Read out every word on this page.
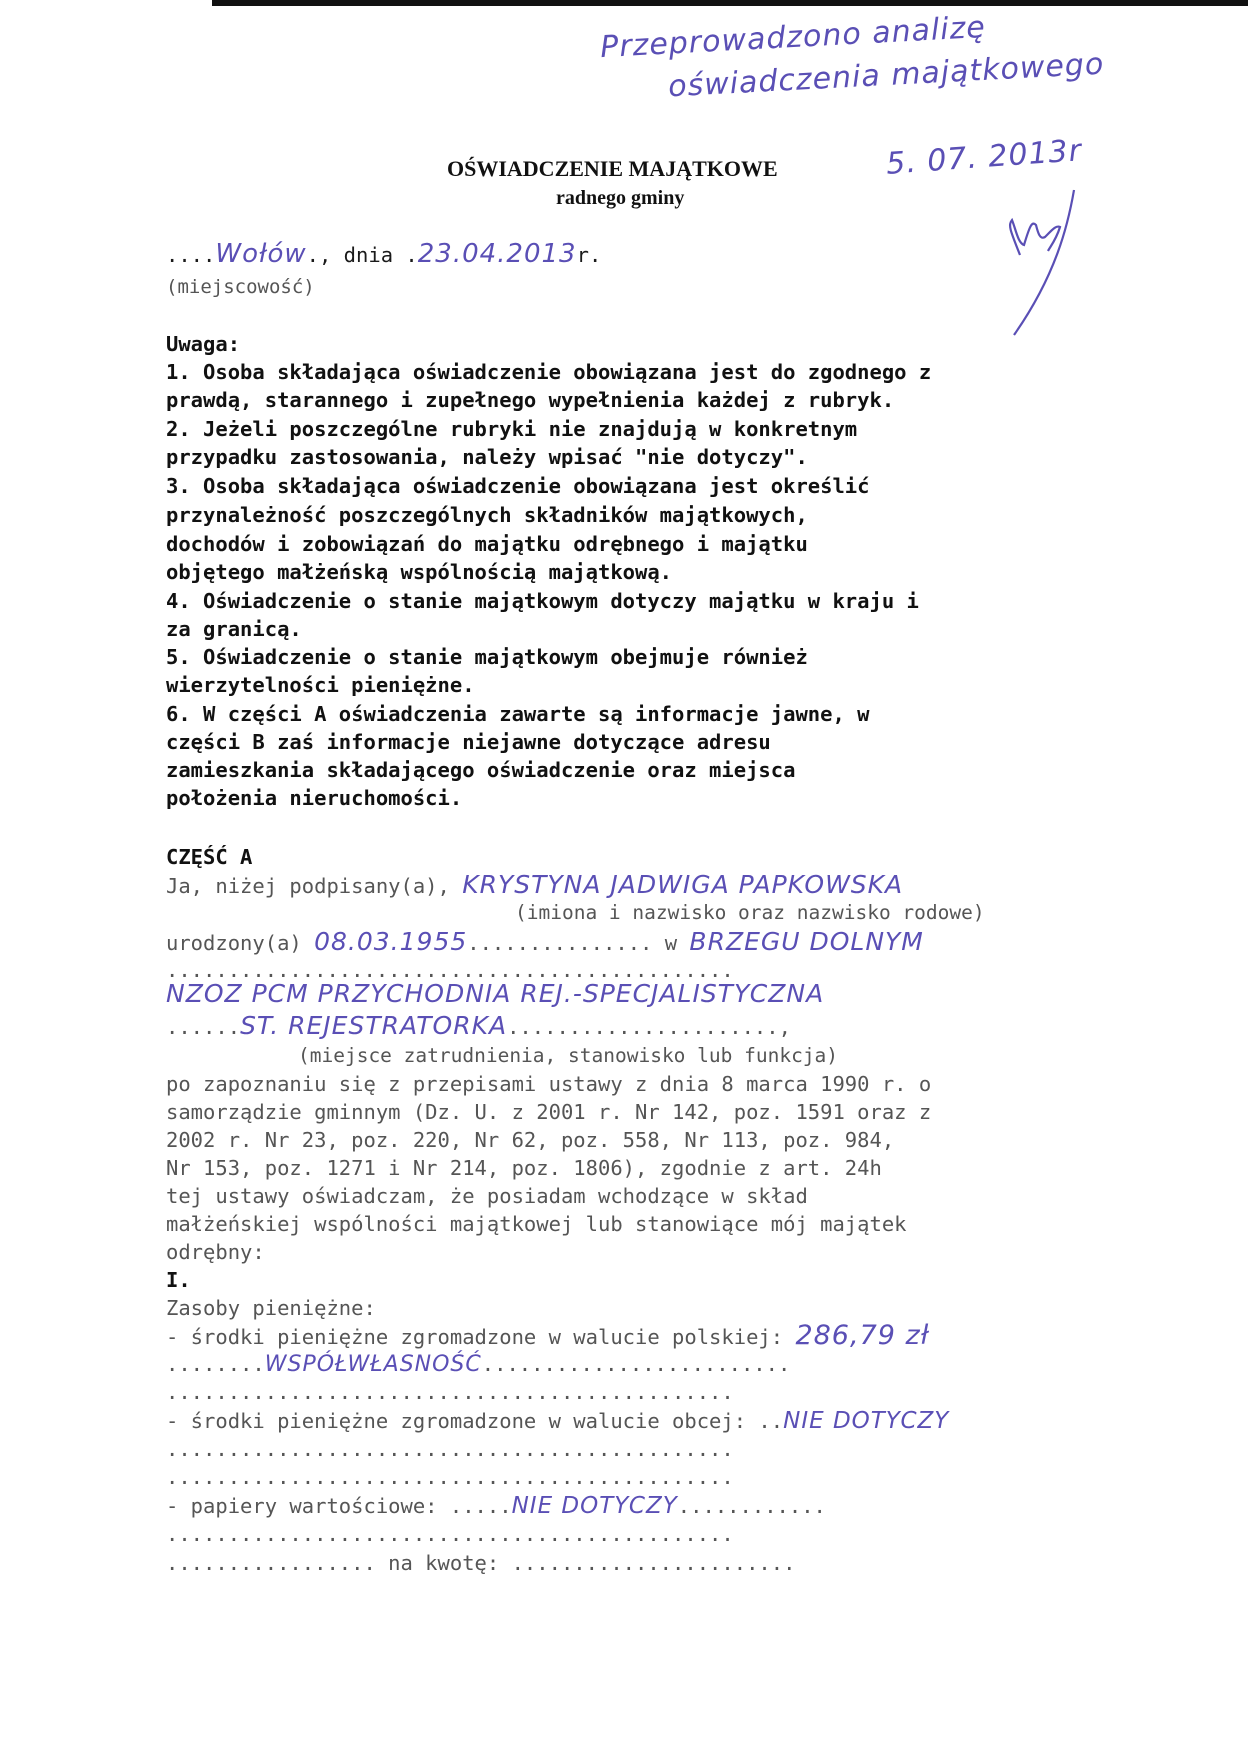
Przeprowadzono analizę
oświadczenia majątkowego
5. 07. 2013r
OŚWIADCZENIE MAJĄTKOWE
radnego gminy
....Wołów., dnia .23.04.2013r.
(miejscowość)
Uwaga:
1. Osoba składająca oświadczenie obowiązana jest do zgodnego z
prawdą, starannego i zupełnego wypełnienia każdej z rubryk.
2. Jeżeli poszczególne rubryki nie znajdują w konkretnym
przypadku zastosowania, należy wpisać "nie dotyczy".
3. Osoba składająca oświadczenie obowiązana jest określić
przynależność poszczególnych składników majątkowych,
dochodów i zobowiązań do majątku odrębnego i majątku
objętego małżeńską wspólnością majątkową.
4. Oświadczenie o stanie majątkowym dotyczy majątku w kraju i
za granicą.
5. Oświadczenie o stanie majątkowym obejmuje również
wierzytelności pieniężne.
6. W części A oświadczenia zawarte są informacje jawne, w
części B zaś informacje niejawne dotyczące adresu
zamieszkania składającego oświadczenie oraz miejsca
położenia nieruchomości.
CZĘŚĆ A
Ja, niżej podpisany(a), KRYSTYNA JADWIGA PAPKOWSKA
(imiona i nazwisko oraz nazwisko rodowe)
urodzony(a) 08.03.1955............... w BRZEGU DOLNYM
..............................................
NZOZ PCM PRZYCHODNIA REJ.-SPECJALISTYCZNA
......ST. REJESTRATORKA......................,
(miejsce zatrudnienia, stanowisko lub funkcja)
po zapoznaniu się z przepisami ustawy z dnia 8 marca 1990 r. o
samorządzie gminnym (Dz. U. z 2001 r. Nr 142, poz. 1591 oraz z
2002 r. Nr 23, poz. 220, Nr 62, poz. 558, Nr 113, poz. 984,
Nr 153, poz. 1271 i Nr 214, poz. 1806), zgodnie z art. 24h
tej ustawy oświadczam, że posiadam wchodzące w skład
małżeńskiej wspólności majątkowej lub stanowiące mój majątek
odrębny:
I.
Zasoby pieniężne:
- środki pieniężne zgromadzone w walucie polskiej: 286,79 zł
........WSPÓŁWŁASNOŚĆ.........................
..............................................
- środki pieniężne zgromadzone w walucie obcej: ..NIE DOTYCZY
..............................................
..............................................
- papiery wartościowe: .....NIE DOTYCZY............
..............................................
................. na kwotę: .......................
